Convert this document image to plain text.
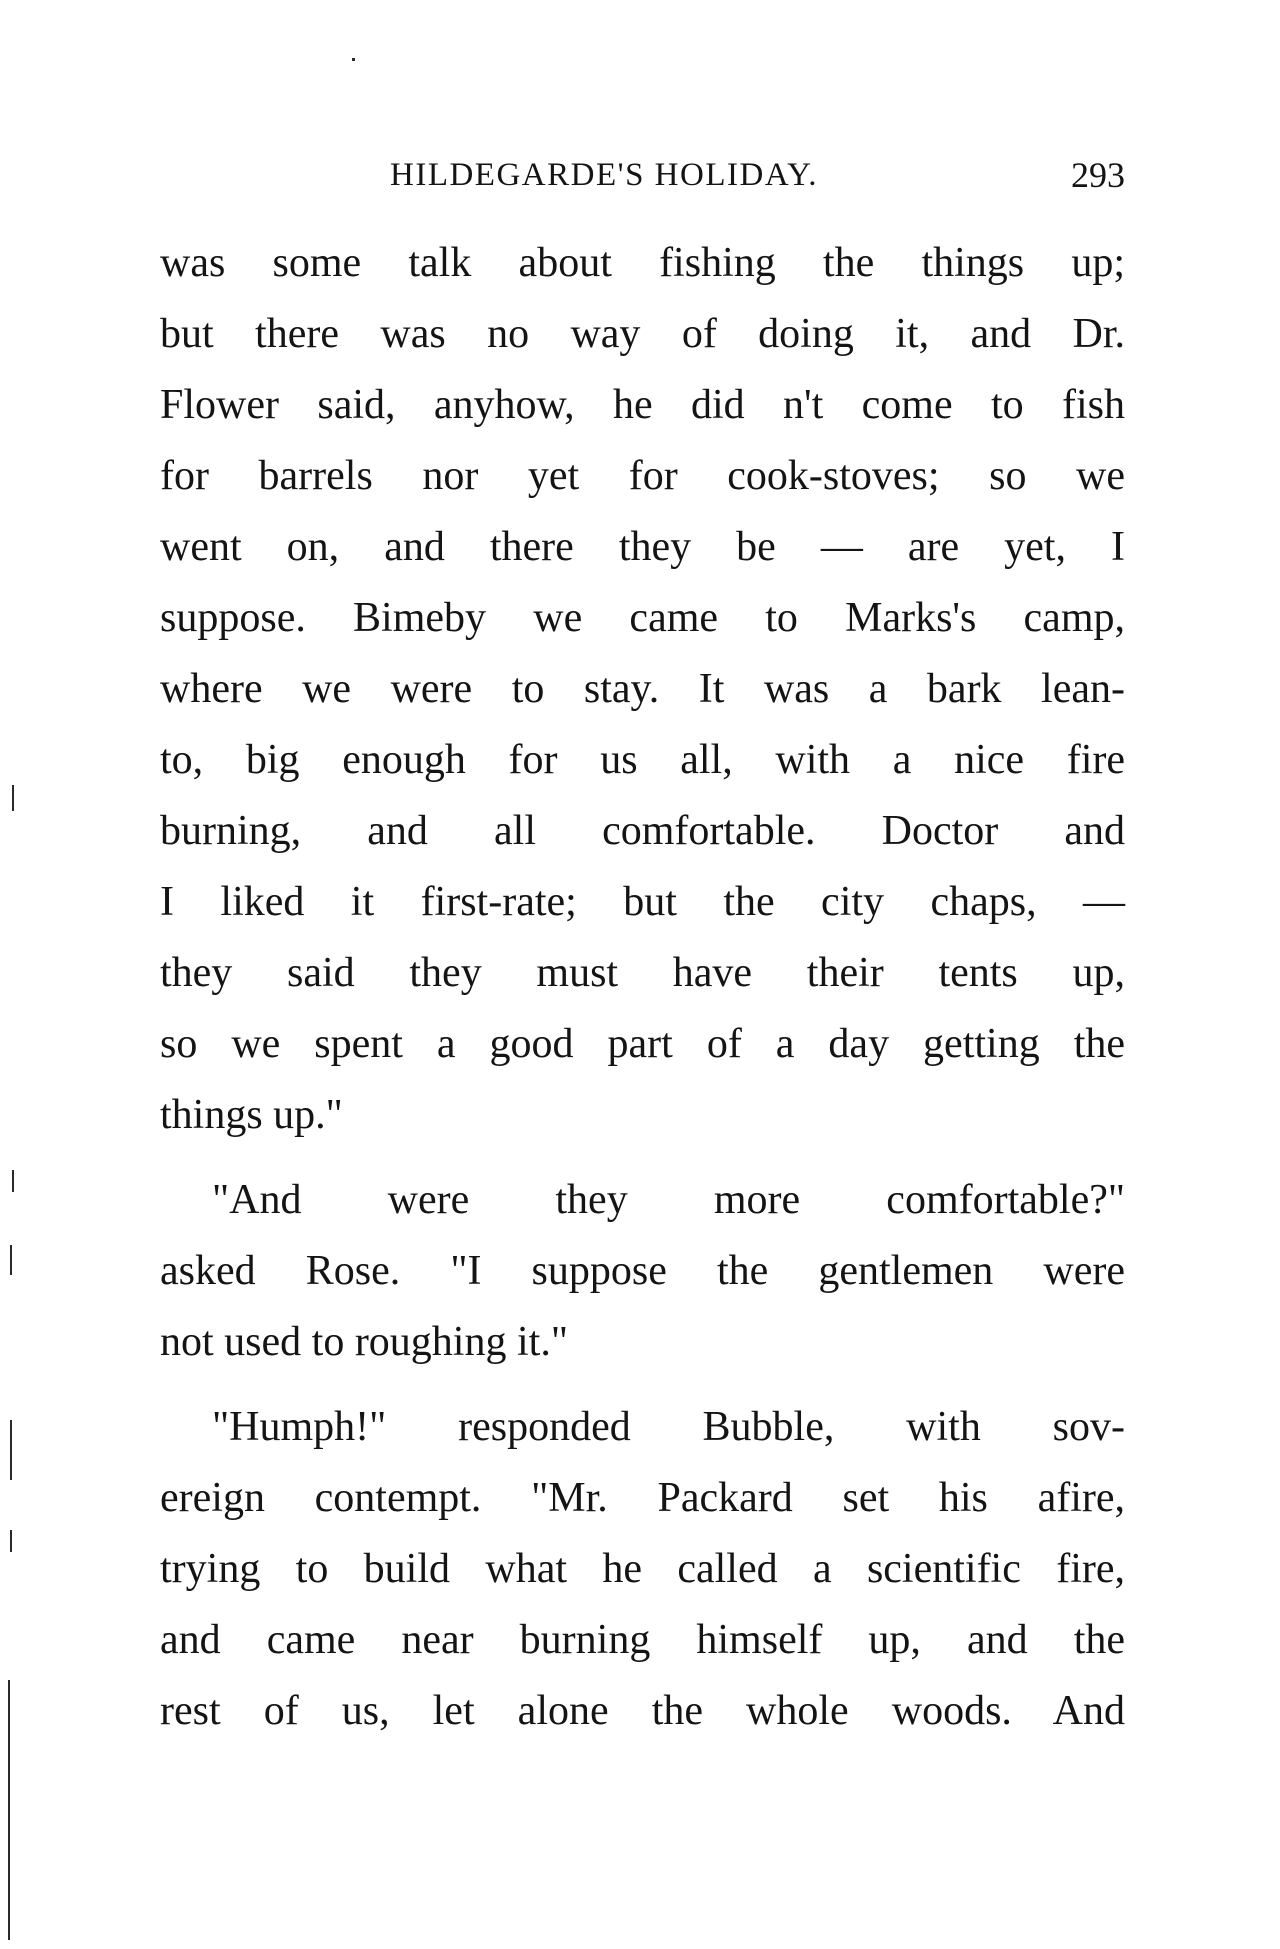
HILDEGARDE'S HOLIDAY.	293
was some talk about fishing the things up;
but there was no way of doing it, and Dr.
Flower said, anyhow, he did n't come to fish
for barrels nor yet for cook-stoves; so we
went on, and there they be — are yet, I
suppose. Bimeby we came to Marks's camp,
where we were to stay. It was a bark lean-
to, big enough for us all, with a nice fire
burning, and all comfortable. Doctor and
I liked it first-rate; but the city chaps, —
they said they must have their tents up,
so we spent a good part of a day getting the
things up."
"And were they more comfortable?"
asked Rose. "I suppose the gentlemen were
not used to roughing it."
"Humph!" responded Bubble, with sov-
ereign contempt. "Mr. Packard set his afire,
trying to build what he called a scientific fire,
and came near burning himself up, and the
rest of us, let alone the whole woods. And
